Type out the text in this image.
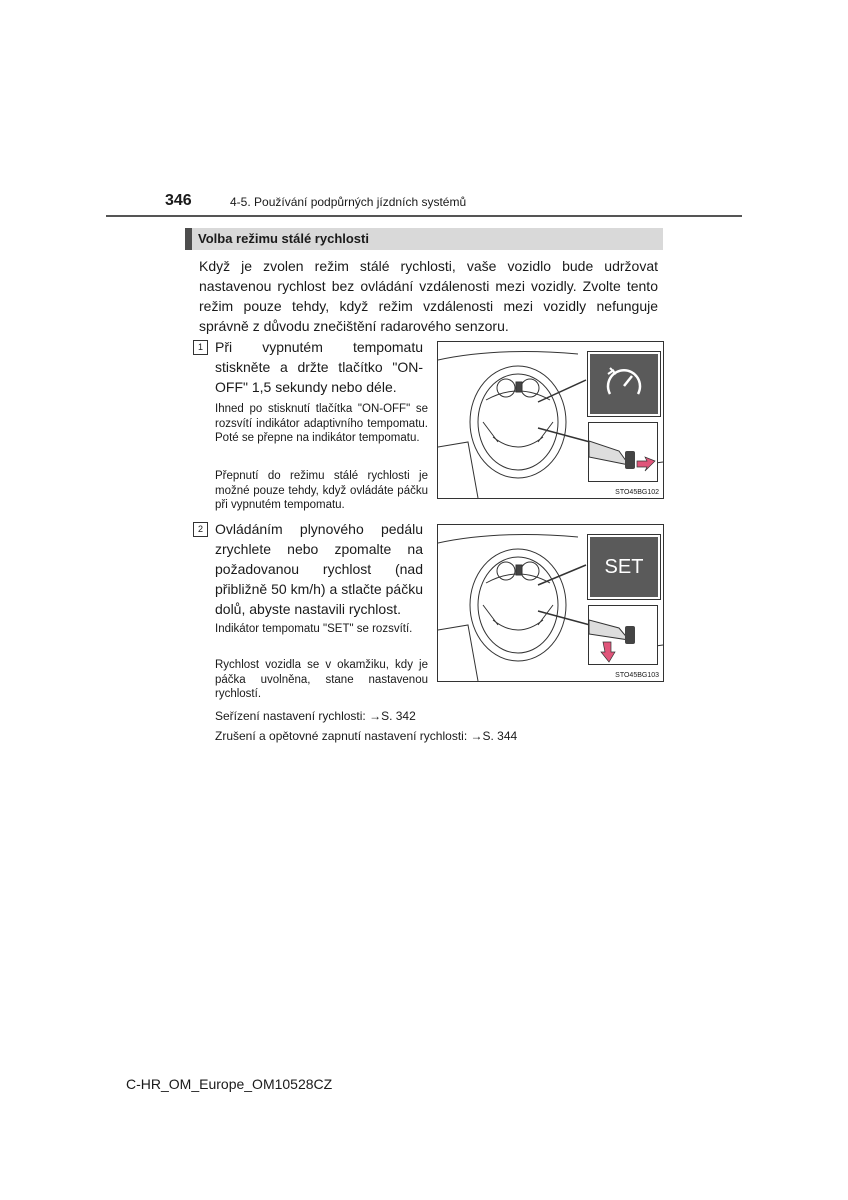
346	4-5. Používání podpůrných jízdních systémů
Volba režimu stálé rychlosti
Když je zvolen režim stálé rychlosti, vaše vozidlo bude udržovat nastavenou rychlost bez ovládání vzdálenosti mezi vozidly. Zvolte tento režim pouze tehdy, když režim vzdálenosti mezi vozidly nefunguje správně z důvodu znečištění radarového senzoru.
1 Při vypnutém tempomatu stiskněte a držte tlačítko "ON-OFF" 1,5 sekundy nebo déle.
Ihned po stisknutí tlačítka "ON-OFF" se rozsvítí indikátor adaptivního tempomatu. Poté se přepne na indikátor tempomatu.
Přepnutí do režimu stálé rychlosti je možné pouze tehdy, když ovládáte páčku při vypnutém tempomatu.
STO45BG102
2 Ovládáním plynového pedálu zrychlete nebo zpomalte na požadovanou rychlost (nad přibližně 50 km/h) a stlačte páčku dolů, abyste nastavili rychlost.
Indikátor tempomatu "SET" se rozsvítí.
Rychlost vozidla se v okamžiku, kdy je páčka uvolněna, stane nastavenou rychlostí.
SET
STO45BG103
Seřízení nastavení rychlosti: →S. 342
Zrušení a opětovné zapnutí nastavení rychlosti: →S. 344
C-HR_OM_Europe_OM10528CZ
